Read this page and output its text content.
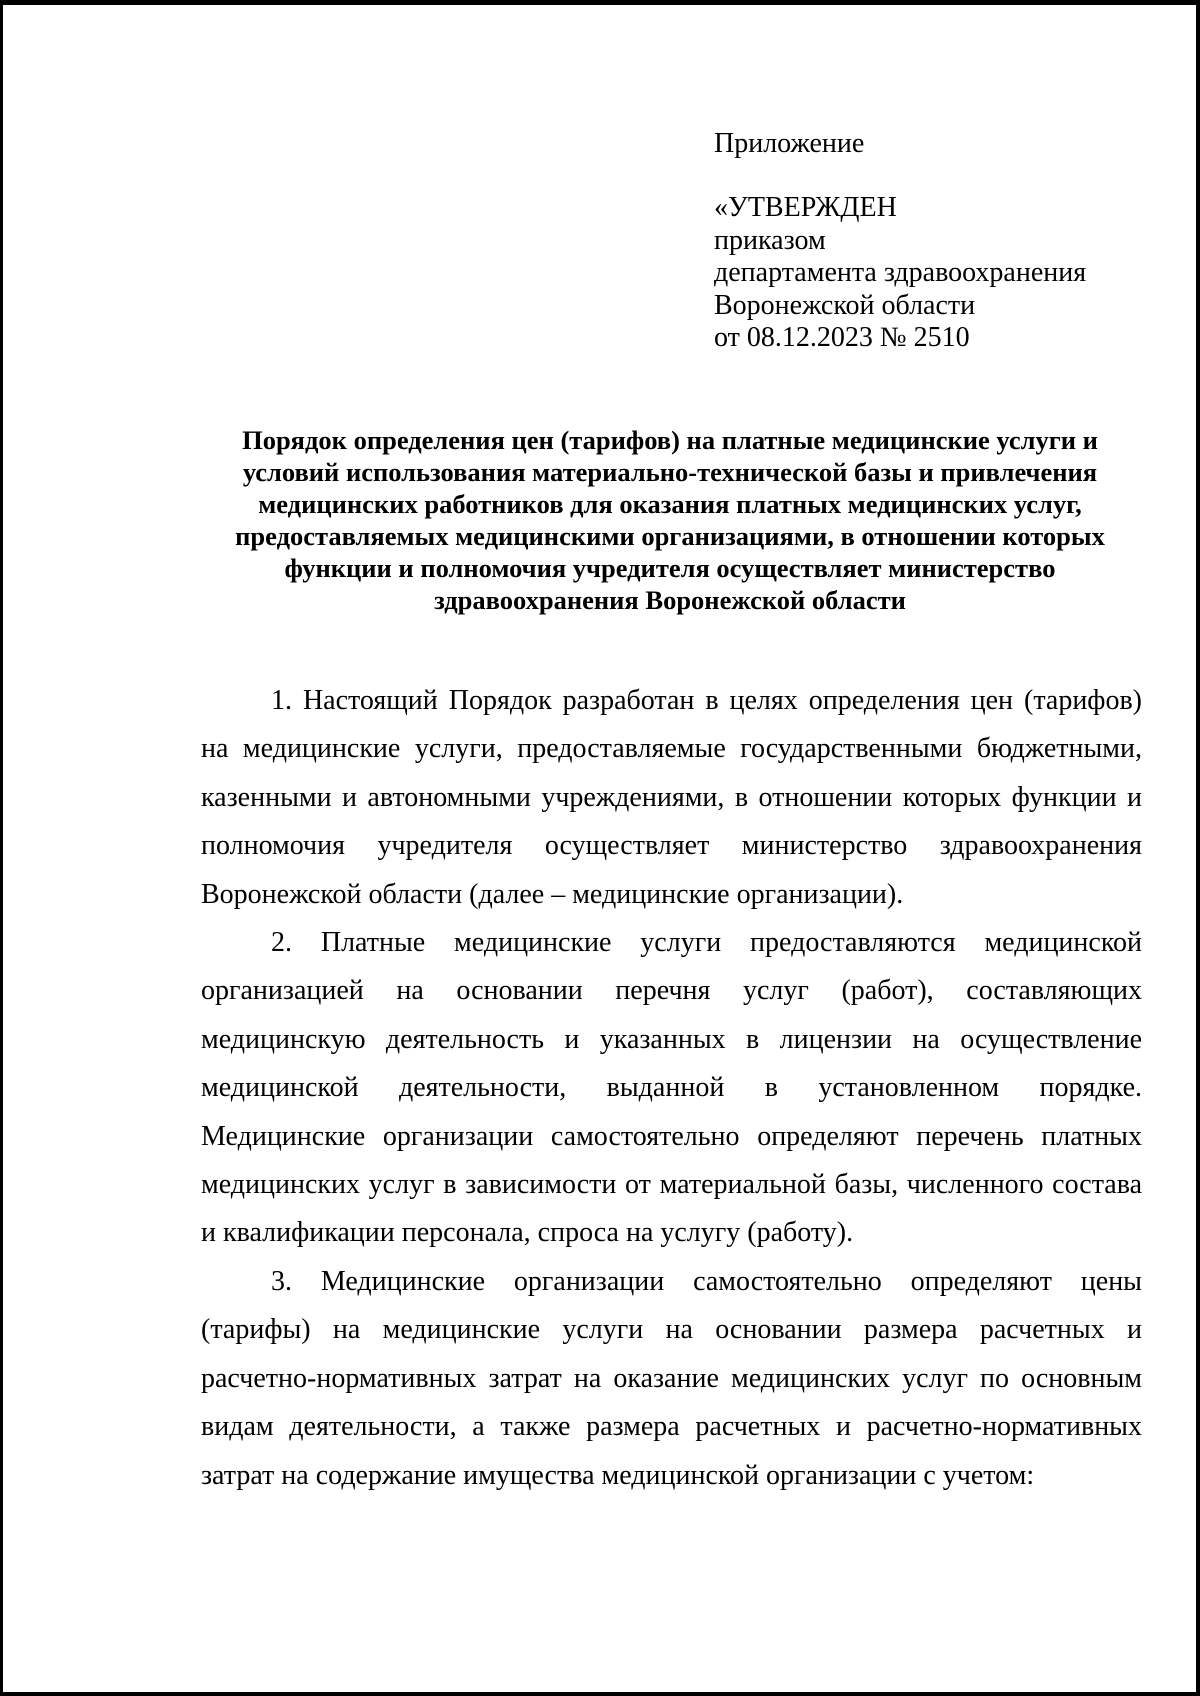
Приложение
«УТВЕРЖДЕН
приказом
департамента здравоохранения
Воронежской области
от 08.12.2023 № 2510
Порядок определения цен (тарифов) на платные медицинские услуги и
условий использования материально-технической базы и привлечения
медицинских работников для оказания платных медицинских услуг,
предоставляемых медицинскими организациями, в отношении которых
функции и полномочия учредителя осуществляет министерство
здравоохранения Воронежской области

1. Настоящий Порядок разработан в целях определения цен (тарифов)
на медицинские услуги, предоставляемые государственными бюджетными,
казенными и автономными учреждениями, в отношении которых функции и
полномочия учредителя осуществляет министерство здравоохранения
Воронежской области (далее – медицинские организации).

2. Платные медицинские услуги предоставляются медицинской
организацией на основании перечня услуг (работ), составляющих
медицинскую деятельность и указанных в лицензии на осуществление
медицинской деятельности, выданной в установленном порядке.
Медицинские организации самостоятельно определяют перечень платных
медицинских услуг в зависимости от материальной базы, численного состава
и квалификации персонала, спроса на услугу (работу).

3. Медицинские организации самостоятельно определяют цены
(тарифы) на медицинские услуги на основании размера расчетных и
расчетно-нормативных затрат на оказание медицинских услуг по основным
видам деятельности, а также размера расчетных и расчетно-нормативных
затрат на содержание имущества медицинской организации с учетом:
